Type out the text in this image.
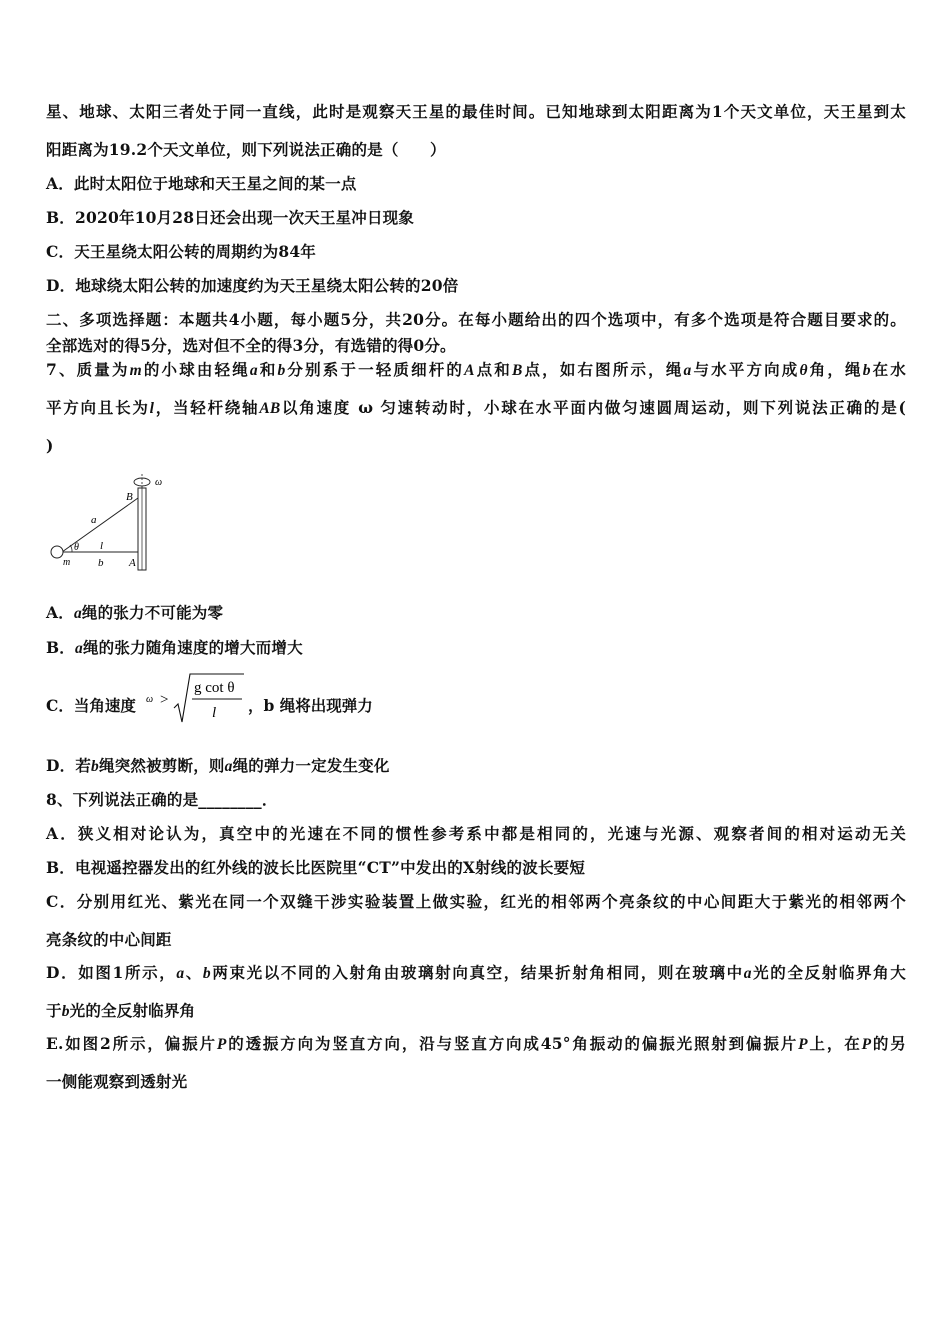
星、地球、太阳三者处于同一直线，此时是观察天王星的最佳时间。已知地球到太阳距离为1个天文单位，天王星到太
阳距离为19.2个天文单位，则下列说法正确的是（　　）
A．此时太阳位于地球和天王星之间的某一点
B．2020年10月28日还会出现一次天王星冲日现象
C．天王星绕太阳公转的周期约为84年
D．地球绕太阳公转的加速度约为天王星绕太阳公转的20倍
二、多项选择题：本题共4小题，每小题5分，共20分。在每小题给出的四个选项中，有多个选项是符合题目要求的。
全部选对的得5分，选对但不全的得3分，有选错的得0分。
7、质量为m的小球由轻绳a和b分别系于一轻质细杆的A点和B点，如右图所示，绳a与水平方向成θ角，绳b在水
平方向且长为l，当轻杆绕轴AB以角速度 ω 匀速转动时，小球在水平面内做匀速圆周运动，则下列说法正确的是(
)
ω
B
a
θ l
m	b A
A．a绳的张力不可能为零
B．a绳的张力随角速度的增大而增大
C．当角速度 ω >
g cot θ
l ，b 绳将出现弹力
D．若b绳突然被剪断，则a绳的弹力一定发生变化
8、下列说法正确的是________．
A．狭义相对论认为，真空中的光速在不同的惯性参考系中都是相同的，光速与光源、观察者间的相对运动无关
B．电视遥控器发出的红外线的波长比医院里“CT”中发出的X射线的波长要短
C．分别用红光、紫光在同一个双缝干涉实验装置上做实验，红光的相邻两个亮条纹的中心间距大于紫光的相邻两个
亮条纹的中心间距
D．如图1所示，a、b两束光以不同的入射角由玻璃射向真空，结果折射角相同，则在玻璃中a光的全反射临界角大
于b光的全反射临界角
E.如图2所示，偏振片P的透振方向为竖直方向，沿与竖直方向成45°角振动的偏振光照射到偏振片P上，在P的另
一侧能观察到透射光
